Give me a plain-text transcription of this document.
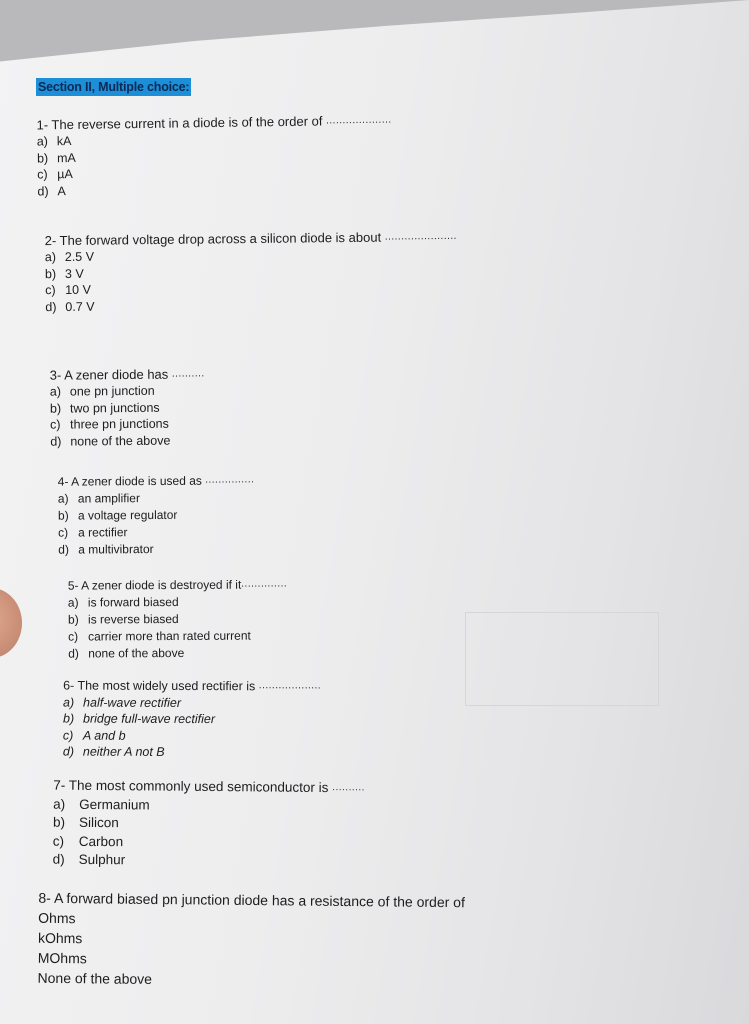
Section II, Multiple choice:
1- The reverse current in a diode is of the order of ....................
a) kA
b) mA
c) µA
d) A
2- The forward voltage drop across a silicon diode is about ......................
a) 2.5 V
b) 3 V
c) 10 V
d) 0.7 V
3- A zener diode has ..........
a) one pn junction
b) two pn junctions
c) three pn junctions
d) none of the above
4- A zener diode is used as ...............
a) an amplifier
b) a voltage regulator
c) a rectifier
d) a multivibrator
5- A zener diode is destroyed if it..............
a) is forward biased
b) is reverse biased
c) carrier more than rated current
d) none of the above
6- The most widely used rectifier is ...................
a) half-wave rectifier
b) bridge full-wave rectifier
c) A and b
d) neither A not B
7- The most commonly used semiconductor is ..........
a)	Germanium
b)	Silicon
c)	Carbon
d)	Sulphur
8- A forward biased pn junction diode has a resistance of the order of
Ohms
kOhms
MOhms
None of the above
